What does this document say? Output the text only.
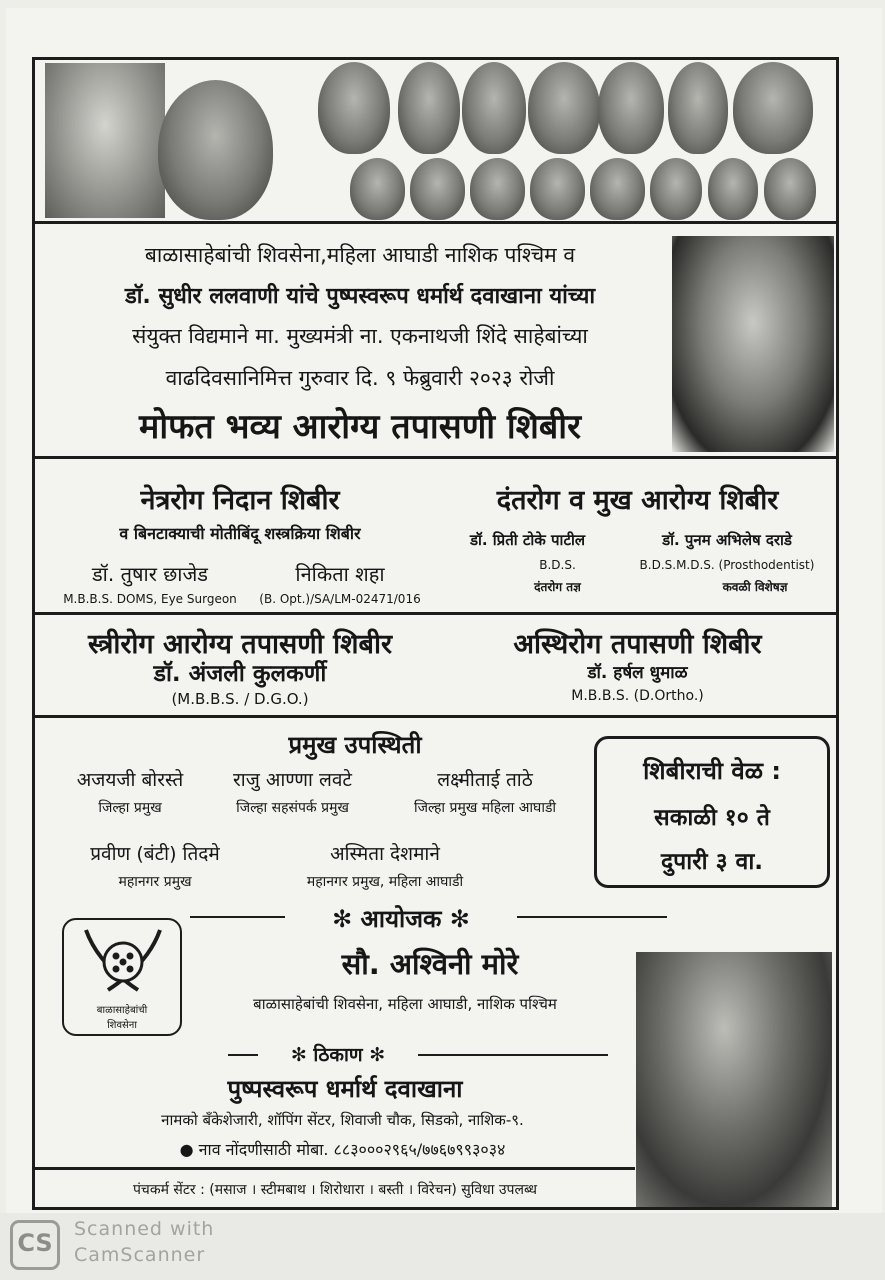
बाळासाहेबांची शिवसेना,महिला आघाडी नाशिक पश्चिम व
डॉ. सुधीर ललवाणी यांचे पुष्पस्वरूप धर्मार्थ दवाखाना यांच्या
संयुक्त विद्यमाने मा. मुख्यमंत्री ना. एकनाथजी शिंदे साहेबांच्या
वाढदिवसानिमित्त गुरुवार दि. ९ फेब्रुवारी २०२३ रोजी
मोफत भव्य आरोग्य तपासणी शिबीर
नेत्ररोग निदान शिबीर
व बिनटाक्याची मोतीबिंदू शस्त्रक्रिया शिबीर
डॉ. तुषार छाजेड
M.B.B.S. DOMS, Eye Surgeon
निकिता शहा
(B. Opt.)/SA/LM-02471/016
दंतरोग व मुख आरोग्य शिबीर
डॉ. प्रिती टोके पाटील
B.D.S.
दंतरोग तज्ञ
डॉ. पुनम अभिलेष दराडे
B.D.S.M.D.S. (Prosthodentist)
कवळी विशेषज्ञ
स्त्रीरोग आरोग्य तपासणी शिबीर
डॉ. अंजली कुलकर्णी
(M.B.B.S. / D.G.O.)
अस्थिरोग तपासणी शिबीर
डॉ. हर्षल धुमाळ
M.B.B.S. (D.Ortho.)
प्रमुख उपस्थिती
अजयजी बोरस्ते
जिल्हा प्रमुख
राजु आण्णा लवटे
जिल्हा सहसंपर्क प्रमुख
लक्ष्मीताई ताठे
जिल्हा प्रमुख महिला आघाडी
प्रवीण (बंटी) तिदमे
महानगर प्रमुख
अस्मिता देशमाने
महानगर प्रमुख, महिला आघाडी
शिबीराची वेळ :
सकाळी १० ते
दुपारी ३ वा.
✻ आयोजक ✻
बाळासाहेबांची
शिवसेना
सौ. अश्विनी मोरे
बाळासाहेबांची शिवसेना, महिला आघाडी, नाशिक पश्चिम
✻ ठिकाण ✻
पुष्पस्वरूप धर्मार्थ दवाखाना
नामको बँकेशेजारी, शॉपिंग सेंटर, शिवाजी चौक, सिडको, नाशिक-९.
● नाव नोंदणीसाठी मोबा. ८८३०००२९६५/७७६७९९३०३४
पंचकर्म सेंटर : (मसाज । स्टीमबाथ । शिरोधारा । बस्ती । विरेचन) सुविधा उपलब्ध
CS	Scanned with
CamScanner
